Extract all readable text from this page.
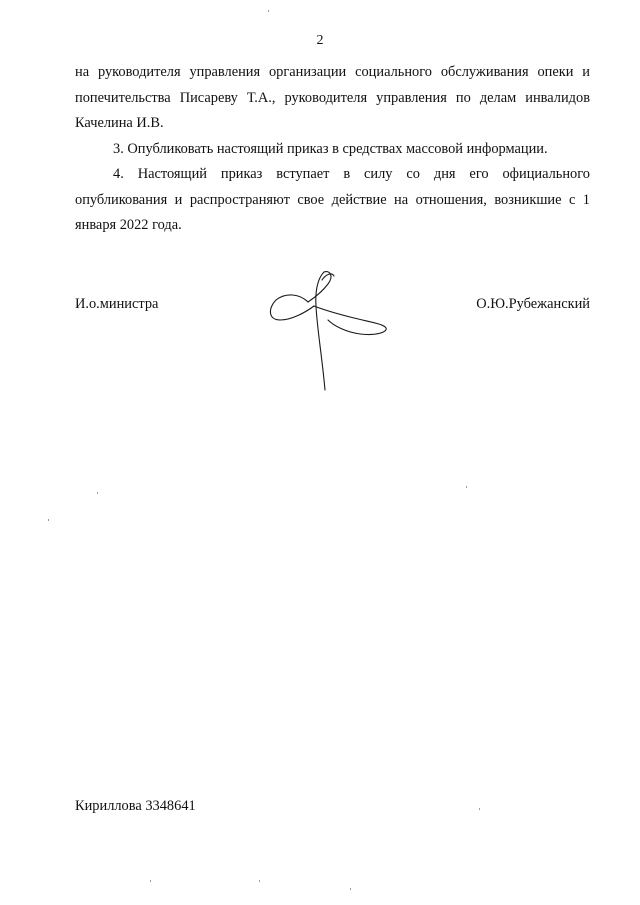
2

на руководителя управления организации социального обслуживания опеки и попечительства Писареву Т.А., руководителя управления по делам инвалидов Качелина И.В.

3. Опубликовать настоящий приказ в средствах массовой информации.

4. Настоящий приказ вступает в силу со дня его официального опубликования и распространяют свое действие на отношения, возникшие с 1 января 2022 года.

И.о.министра	О.Ю.Рубежанский
Кириллова 3348641
